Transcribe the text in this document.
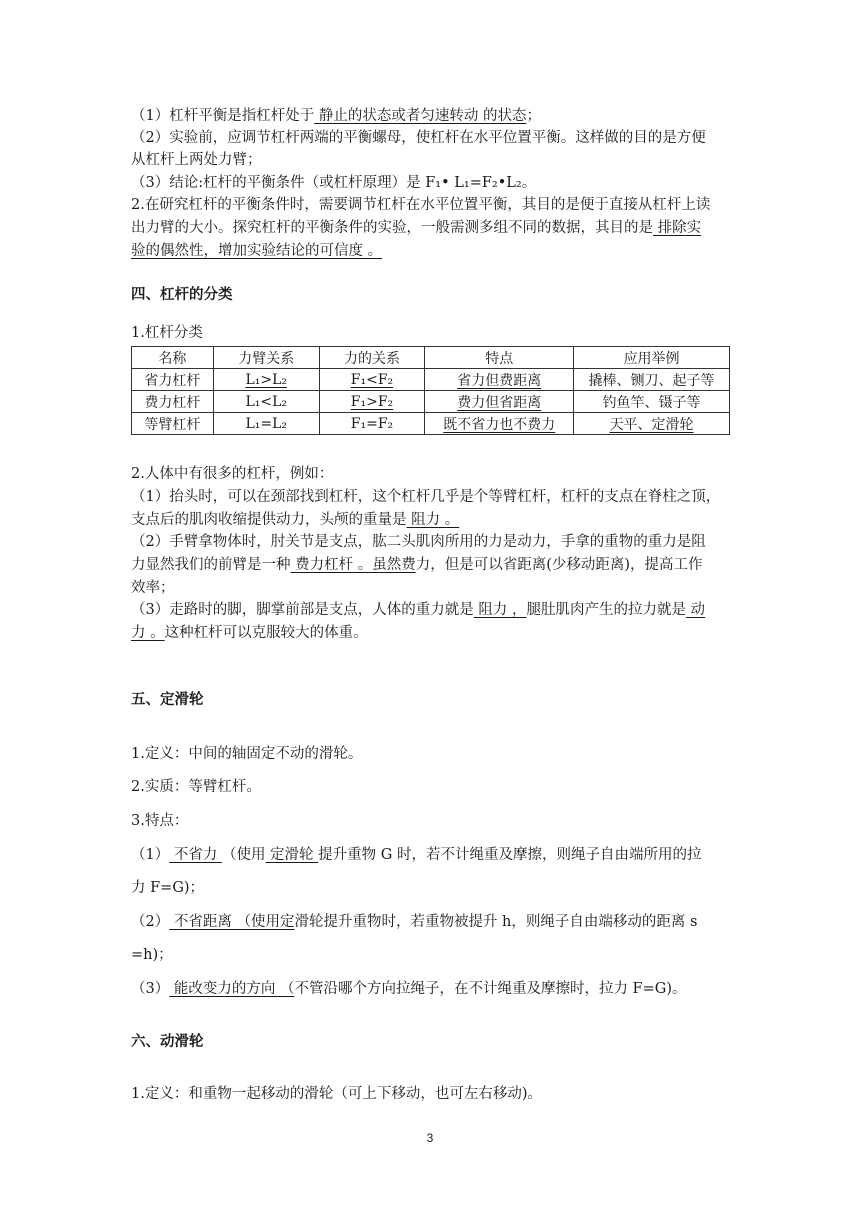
（1）杠杆平衡是指杠杆处于 静止的状态或者匀速转动 的状态；
（2）实验前，应调节杠杆两端的平衡螺母，使杠杆在水平位置平衡。这样做的目的是方便
从杠杆上两处力臂；
（3）结论:杠杆的平衡条件（或杠杆原理）是 F₁• L₁=F₂•L₂。
2.在研究杠杆的平衡条件时，需要调节杠杆在水平位置平衡，其目的是便于直接从杠杆上读
出力臂的大小。探究杠杆的平衡条件的实验，一般需测多组不同的数据，其目的是 排除实
验的偶然性，增加实验结论的可信度 。
四、杠杆的分类
1.杠杆分类
名称	力臂关系	力的关系	特点	应用举例
省力杠杆	L₁>L₂	F₁<F₂	省力但费距离	撬棒、铡刀、起子等
费力杠杆	L₁<L₂	F₁>F₂	费力但省距离	钓鱼竿、镊子等
等臂杠杆	L₁=L₂	F₁=F₂	既不省力也不费力	天平、定滑轮
2.人体中有很多的杠杆，例如：
（1）抬头时，可以在颈部找到杠杆，这个杠杆几乎是个等臂杠杆，杠杆的支点在脊柱之顶，
支点后的肌肉收缩提供动力，头颅的重量是 阻力 。
（2）手臂拿物体时，肘关节是支点，肱二头肌肉所用的力是动力，手拿的重物的重力是阻
力显然我们的前臂是一种 费力杠杆 。虽然费力，但是可以省距离(少移动距离)，提高工作
效率；
（3）走路时的脚，脚掌前部是支点，人体的重力就是 阻力 ，腿肚肌肉产生的拉力就是 动
力 。这种杠杆可以克服较大的体重。
五、定滑轮
1.定义：中间的轴固定不动的滑轮。
2.实质：等臂杠杆。
3.特点：
（1） 不省力 （使用 定滑轮 提升重物 G 时，若不计绳重及摩擦，则绳子自由端所用的拉
力 F=G)；
（2） 不省距离 （使用定滑轮提升重物时，若重物被提升 h，则绳子自由端移动的距离 s
=h)；
（3） 能改变力的方向 （不管沿哪个方向拉绳子，在不计绳重及摩擦时，拉力 F=G)。
六、动滑轮
1.定义：和重物一起移动的滑轮（可上下移动，也可左右移动)。
3
